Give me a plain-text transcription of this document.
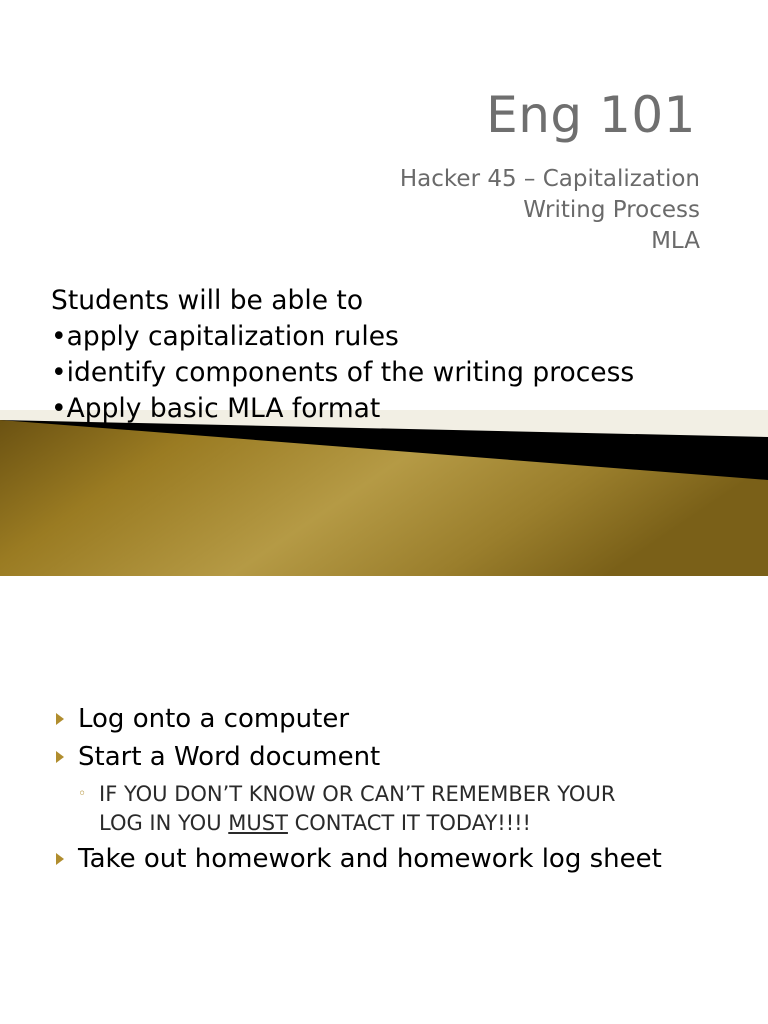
Eng 101
Hacker 45 – Capitalization
Writing Process
MLA
Students will be able to
•apply capitalization rules
•identify components of the writing process
•Apply basic MLA format
Log onto a computer
Start a Word document
◦ IF YOU DON’T KNOW OR CAN’T REMEMBER YOUR
LOG IN YOU MUST CONTACT IT TODAY!!!!
Take out homework and homework log sheet
